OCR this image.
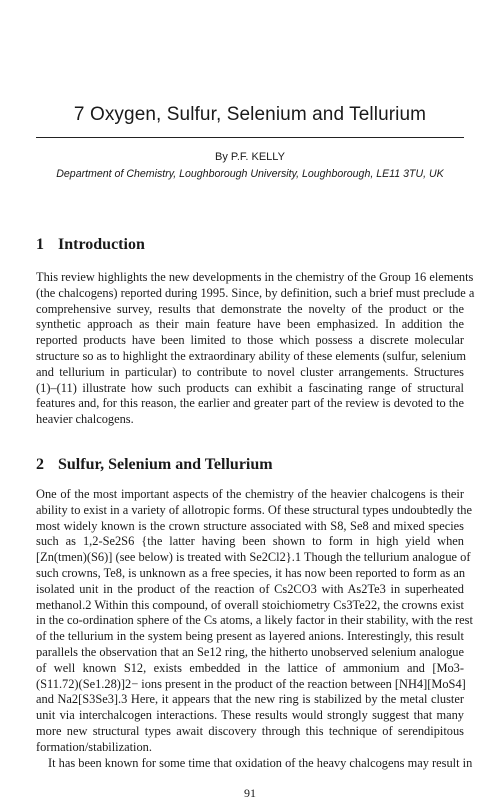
7 Oxygen, Sulfur, Selenium and Tellurium
By P.F. KELLY
Department of Chemistry, Loughborough University, Loughborough, LE11 3TU, UK
1 Introduction
This review highlights the new developments in the chemistry of the Group 16 elements
(the chalcogens) reported during 1995. Since, by definition, such a brief must preclude a
comprehensive survey, results that demonstrate the novelty of the product or the
synthetic approach as their main feature have been emphasized. In addition the
reported products have been limited to those which possess a discrete molecular
structure so as to highlight the extraordinary ability of these elements (sulfur, selenium
and tellurium in particular) to contribute to novel cluster arrangements. Structures
(1)–(11) illustrate how such products can exhibit a fascinating range of structural
features and, for this reason, the earlier and greater part of the review is devoted to the
heavier chalcogens.
2 Sulfur, Selenium and Tellurium
One of the most important aspects of the chemistry of the heavier chalcogens is their
ability to exist in a variety of allotropic forms. Of these structural types undoubtedly the
most widely known is the crown structure associated with S8, Se8 and mixed species
such as 1,2-Se2S6 {the latter having been shown to form in high yield when
[Zn(tmen)(S6)] (see below) is treated with Se2Cl2}.1 Though the tellurium analogue of
such crowns, Te8, is unknown as a free species, it has now been reported to form as an
isolated unit in the product of the reaction of Cs2CO3 with As2Te3 in superheated
methanol.2 Within this compound, of overall stoichiometry Cs3Te22, the crowns exist
in the co-ordination sphere of the Cs atoms, a likely factor in their stability, with the rest
of the tellurium in the system being present as layered anions. Interestingly, this result
parallels the observation that an Se12 ring, the hitherto unobserved selenium analogue
of well known S12, exists embedded in the lattice of ammonium and [Mo3-
(S11.72)(Se1.28)]2− ions present in the product of the reaction between [NH4][MoS4]
and Na2[S3Se3].3 Here, it appears that the new ring is stabilized by the metal cluster
unit via interchalcogen interactions. These results would strongly suggest that many
more new structural types await discovery through this technique of serendipitous
formation/stabilization.
It has been known for some time that oxidation of the heavy chalcogens may result in
91
